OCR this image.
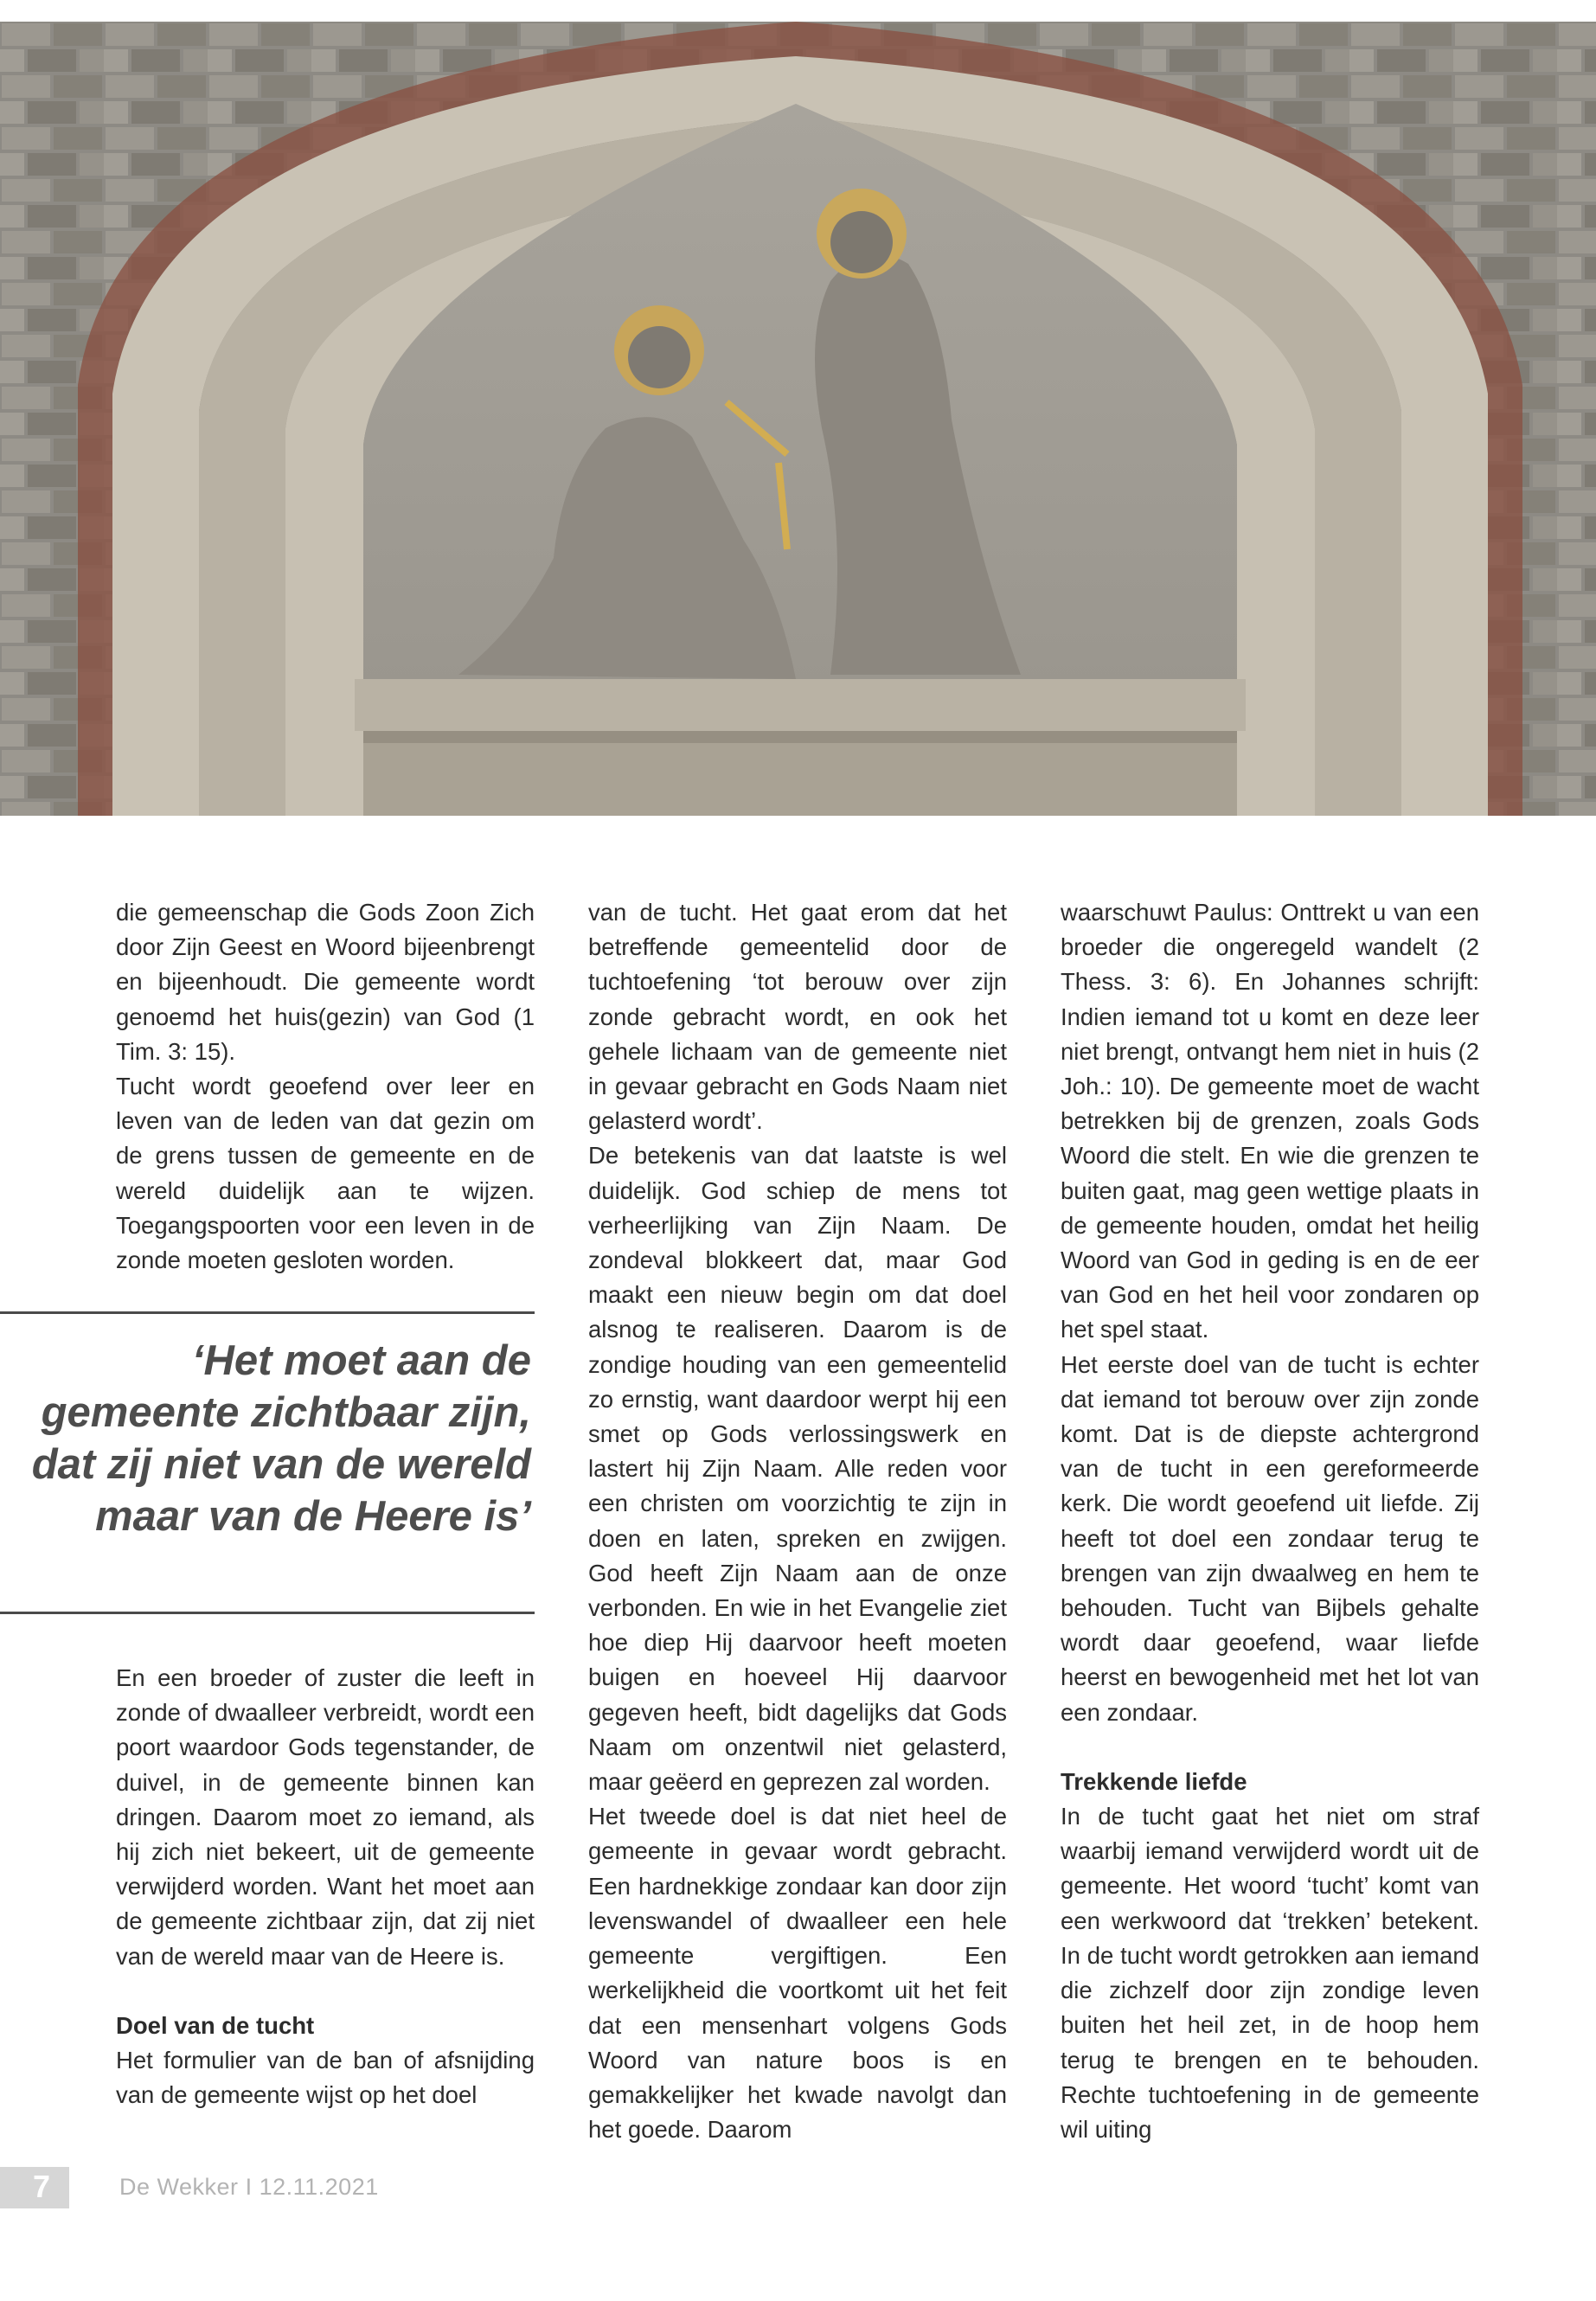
die gemeenschap die Gods Zoon Zich door Zijn Geest en Woord bijeenbrengt en bijeenhoudt. Die gemeente wordt genoemd het huis(gezin) van God (1 Tim. 3: 15).

Tucht wordt geoefend over leer en leven van de leden van dat gezin om de grens tussen de gemeente en de wereld duidelijk aan te wijzen. Toegangspoorten voor een leven in de zonde moeten gesloten worden.

‘Het moet aan de gemeente zichtbaar zijn, dat zij niet van de wereld maar van de Heere is’

En een broeder of zuster die leeft in zonde of dwaalleer verbreidt, wordt een poort waardoor Gods tegenstander, de duivel, in de gemeente binnen kan dringen. Daarom moet zo iemand, als hij zich niet bekeert, uit de gemeente verwijderd worden. Want het moet aan de gemeente zichtbaar zijn, dat zij niet van de wereld maar van de Heere is.

Doel van de tucht

Het formulier van de ban of afsnijding van de gemeente wijst op het doel

van de tucht. Het gaat erom dat het betreffende gemeentelid door de tuchtoefening ‘tot berouw over zijn zonde gebracht wordt, en ook het gehele lichaam van de gemeente niet in gevaar gebracht en Gods Naam niet gelasterd wordt’.

De betekenis van dat laatste is wel duidelijk. God schiep de mens tot verheerlijking van Zijn Naam. De zondeval blokkeert dat, maar God maakt een nieuw begin om dat doel alsnog te realiseren. Daarom is de zondige houding van een gemeentelid zo ernstig, want daardoor werpt hij een smet op Gods verlossingswerk en lastert hij Zijn Naam. Alle reden voor een christen om voorzichtig te zijn in doen en laten, spreken en zwijgen. God heeft Zijn Naam aan de onze verbonden. En wie in het Evangelie ziet hoe diep Hij daarvoor heeft moeten buigen en hoeveel Hij daarvoor gegeven heeft, bidt dagelijks dat Gods Naam om onzentwil niet gelasterd, maar geëerd en geprezen zal worden.

Het tweede doel is dat niet heel de gemeente in gevaar wordt gebracht. Een hardnekkige zondaar kan door zijn levenswandel of dwaalleer een hele gemeente vergiftigen. Een werkelijkheid die voortkomt uit het feit dat een mensenhart volgens Gods Woord van nature boos is en gemakkelijker het kwade navolgt dan het goede. Daarom

waarschuwt Paulus: Onttrekt u van een broeder die ongeregeld wandelt (2 Thess. 3: 6). En Johannes schrijft: Indien iemand tot u komt en deze leer niet brengt, ontvangt hem niet in huis (2 Joh.: 10). De gemeente moet de wacht betrekken bij de grenzen, zoals Gods Woord die stelt. En wie die grenzen te buiten gaat, mag geen wettige plaats in de gemeente houden, omdat het heilig Woord van God in geding is en de eer van God en het heil voor zondaren op het spel staat.

Het eerste doel van de tucht is echter dat iemand tot berouw over zijn zonde komt. Dat is de diepste achtergrond van de tucht in een gereformeerde kerk. Die wordt geoefend uit liefde. Zij heeft tot doel een zondaar terug te brengen van zijn dwaalweg en hem te behouden. Tucht van Bijbels gehalte wordt daar geoefend, waar liefde heerst en bewogenheid met het lot van een zondaar.

Trekkende liefde

In de tucht gaat het niet om straf waarbij iemand verwijderd wordt uit de gemeente. Het woord ‘tucht’ komt van een werkwoord dat ‘trekken’ betekent. In de tucht wordt getrokken aan iemand die zichzelf door zijn zondige leven buiten het heil zet, in de hoop hem terug te brengen en te behouden. Rechte tuchtoefening in de gemeente wil uiting

7	De Wekker I 12.11.2021
